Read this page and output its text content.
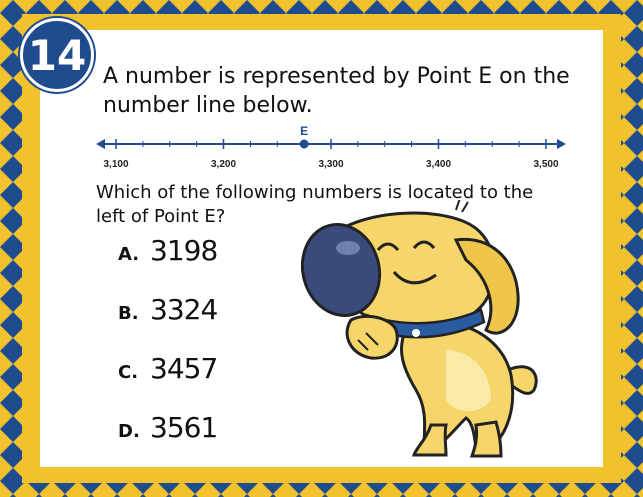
14 A number is represented by Point E on the number line below.
3,100	3,200	3,300	3,400	3,500
E
Which of the following numbers is located to the left of Point E?
A. 3198
B. 3324
C. 3457
D. 3561
